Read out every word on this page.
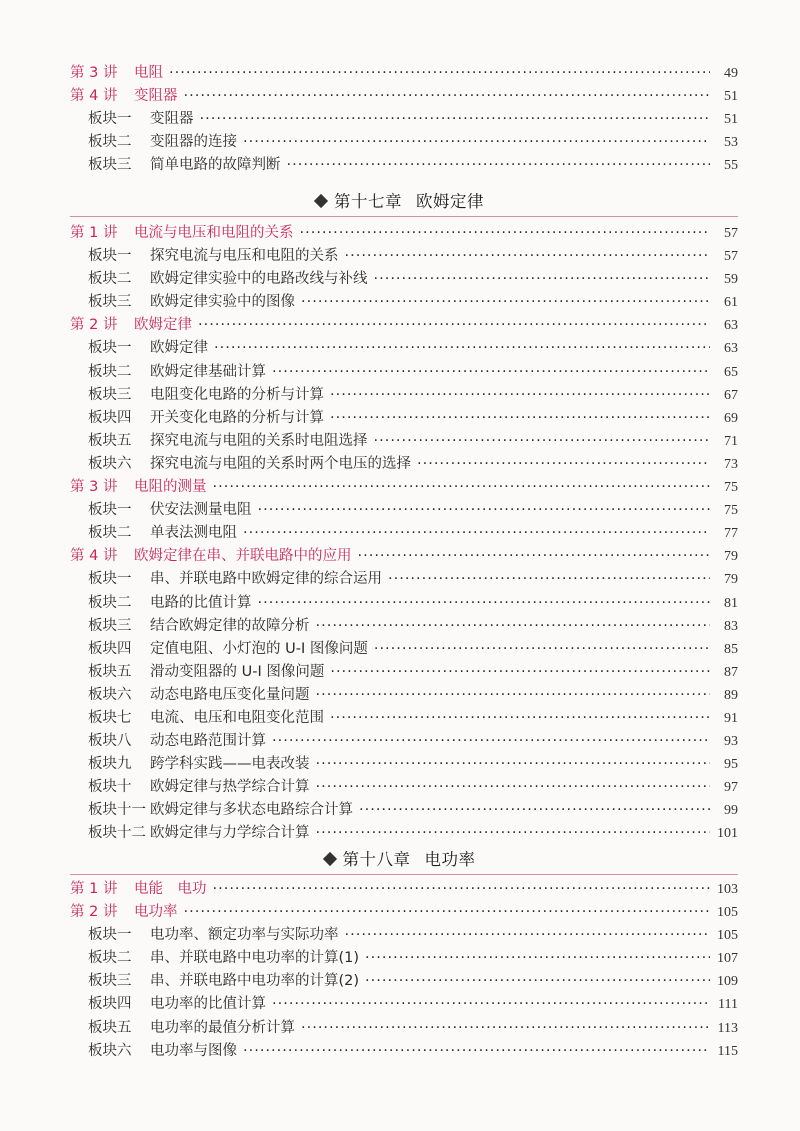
第 3 讲	电阻 ·····	49
第 4 讲	变阻器 ·····	51
板块一	变阻器 ·····	51
板块二	变阻器的连接 ·····	53
板块三	简单电路的故障判断 ·····	55
第十七章 欧姆定律
第 1 讲	电流与电压和电阻的关系 ·····	57
板块一	探究电流与电压和电阻的关系 ·····	57
板块二	欧姆定律实验中的电路改线与补线 ·····	59
板块三	欧姆定律实验中的图像 ·····	61
第 2 讲	欧姆定律 ·····	63
板块一	欧姆定律 ·····	63
板块二	欧姆定律基础计算 ·····	65
板块三	电阻变化电路的分析与计算 ·····	67
板块四	开关变化电路的分析与计算 ·····	69
板块五	探究电流与电阻的关系时电阻选择 ·····	71
板块六	探究电流与电阻的关系时两个电压的选择 ·····	73
第 3 讲	电阻的测量 ·····	75
板块一	伏安法测量电阻 ·····	75
板块二	单表法测电阻 ·····	77
第 4 讲	欧姆定律在串、并联电路中的应用 ·····	79
板块一	串、并联电路中欧姆定律的综合运用 ·····	79
板块二	电路的比值计算 ·····	81
板块三	结合欧姆定律的故障分析 ·····	83
板块四	定值电阻、小灯泡的 U-I 图像问题 ·····	85
板块五	滑动变阻器的 U-I 图像问题 ·····	87
板块六	动态电路电压变化量问题 ·····	89
板块七	电流、电压和电阻变化范围 ·····	91
板块八	动态电路范围计算 ·····	93
板块九	跨学科实践——电表改装 ·····	95
板块十	欧姆定律与热学综合计算 ·····	97
板块十一 欧姆定律与多状态电路综合计算 ·····	99
板块十二 欧姆定律与力学综合计算 ·····	101
第十八章 电功率
第 1 讲	电能　电功 ·····	103
第 2 讲	电功率 ·····	105
板块一	电功率、额定功率与实际功率 ·····	105
板块二	串、并联电路中电功率的计算(1) ·····	107
板块三	串、并联电路中电功率的计算(2) ·····	109
板块四	电功率的比值计算 ·····	111
板块五	电功率的最值分析计算 ·····	113
板块六	电功率与图像 ·····	115
